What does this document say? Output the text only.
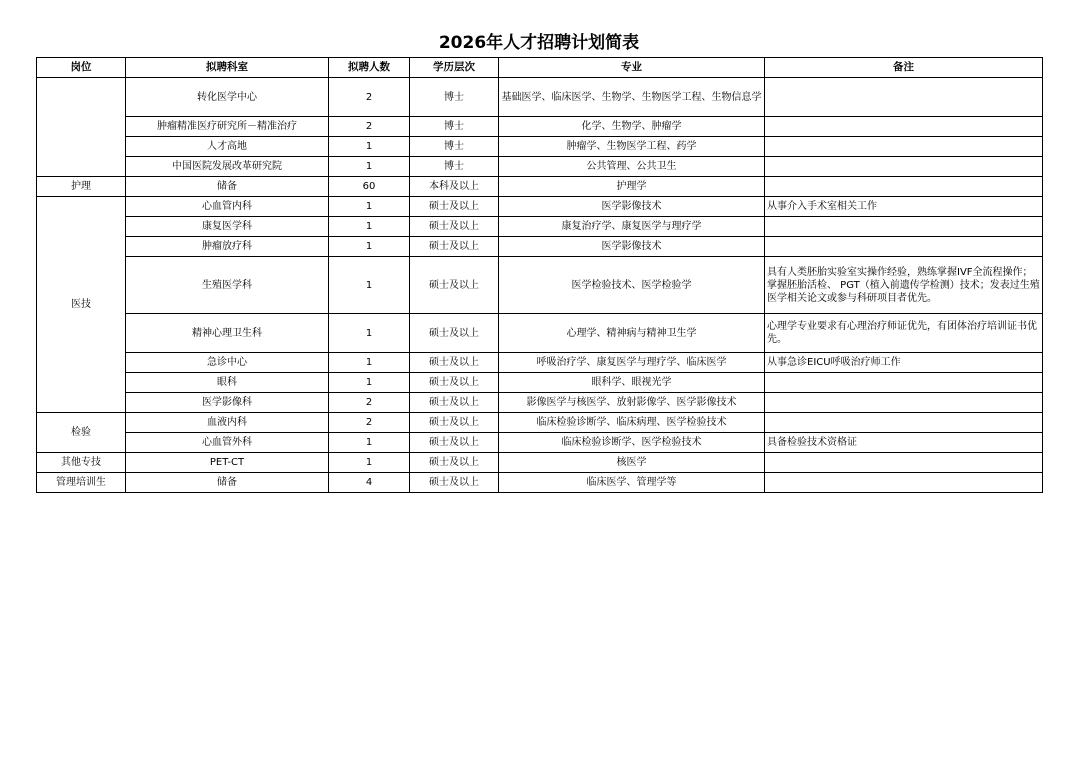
2026年人才招聘计划简表
岗位	拟聘科室	拟聘人数	学历层次	专业	备注
	转化医学中心	2	博士	基础医学、临床医学、生物学、生物医学工程、生物信息学	
	肿瘤精准医疗研究所－精准治疗	2	博士	化学、生物学、肿瘤学	
	人才高地	1	博士	肿瘤学、生物医学工程、药学	
	中国医院发展改革研究院	1	博士	公共管理、公共卫生	
护理	储备	60	本科及以上	护理学	
医技	心血管内科	1	硕士及以上	医学影像技术	从事介入手术室相关工作
	康复医学科	1	硕士及以上	康复治疗学、康复医学与理疗学	
	肿瘤放疗科	1	硕士及以上	医学影像技术	
	生殖医学科	1	硕士及以上	医学检验技术、医学检验学	具有人类胚胎实验室实操作经验，熟练掌握IVF全流程操作；掌握胚胎活检、 PGT（植入前遗传学检测）技术；发表过生殖医学相关论文或参与科研项目者优先。
	精神心理卫生科	1	硕士及以上	心理学、精神病与精神卫生学	心理学专业要求有心理治疗师证优先，有团体治疗培训证书优先。
	急诊中心	1	硕士及以上	呼吸治疗学、康复医学与理疗学、临床医学	从事急诊EICU呼吸治疗师工作
	眼科	1	硕士及以上	眼科学、眼视光学	
	医学影像科	2	硕士及以上	影像医学与核医学、放射影像学、医学影像技术	
检验	血液内科	2	硕士及以上	临床检验诊断学、临床病理、医学检验技术	
	心血管外科	1	硕士及以上	临床检验诊断学、医学检验技术	具备检验技术资格证
其他专技	PET-CT	1	硕士及以上	核医学	
管理培训生	储备	4	硕士及以上	临床医学、管理学等	
